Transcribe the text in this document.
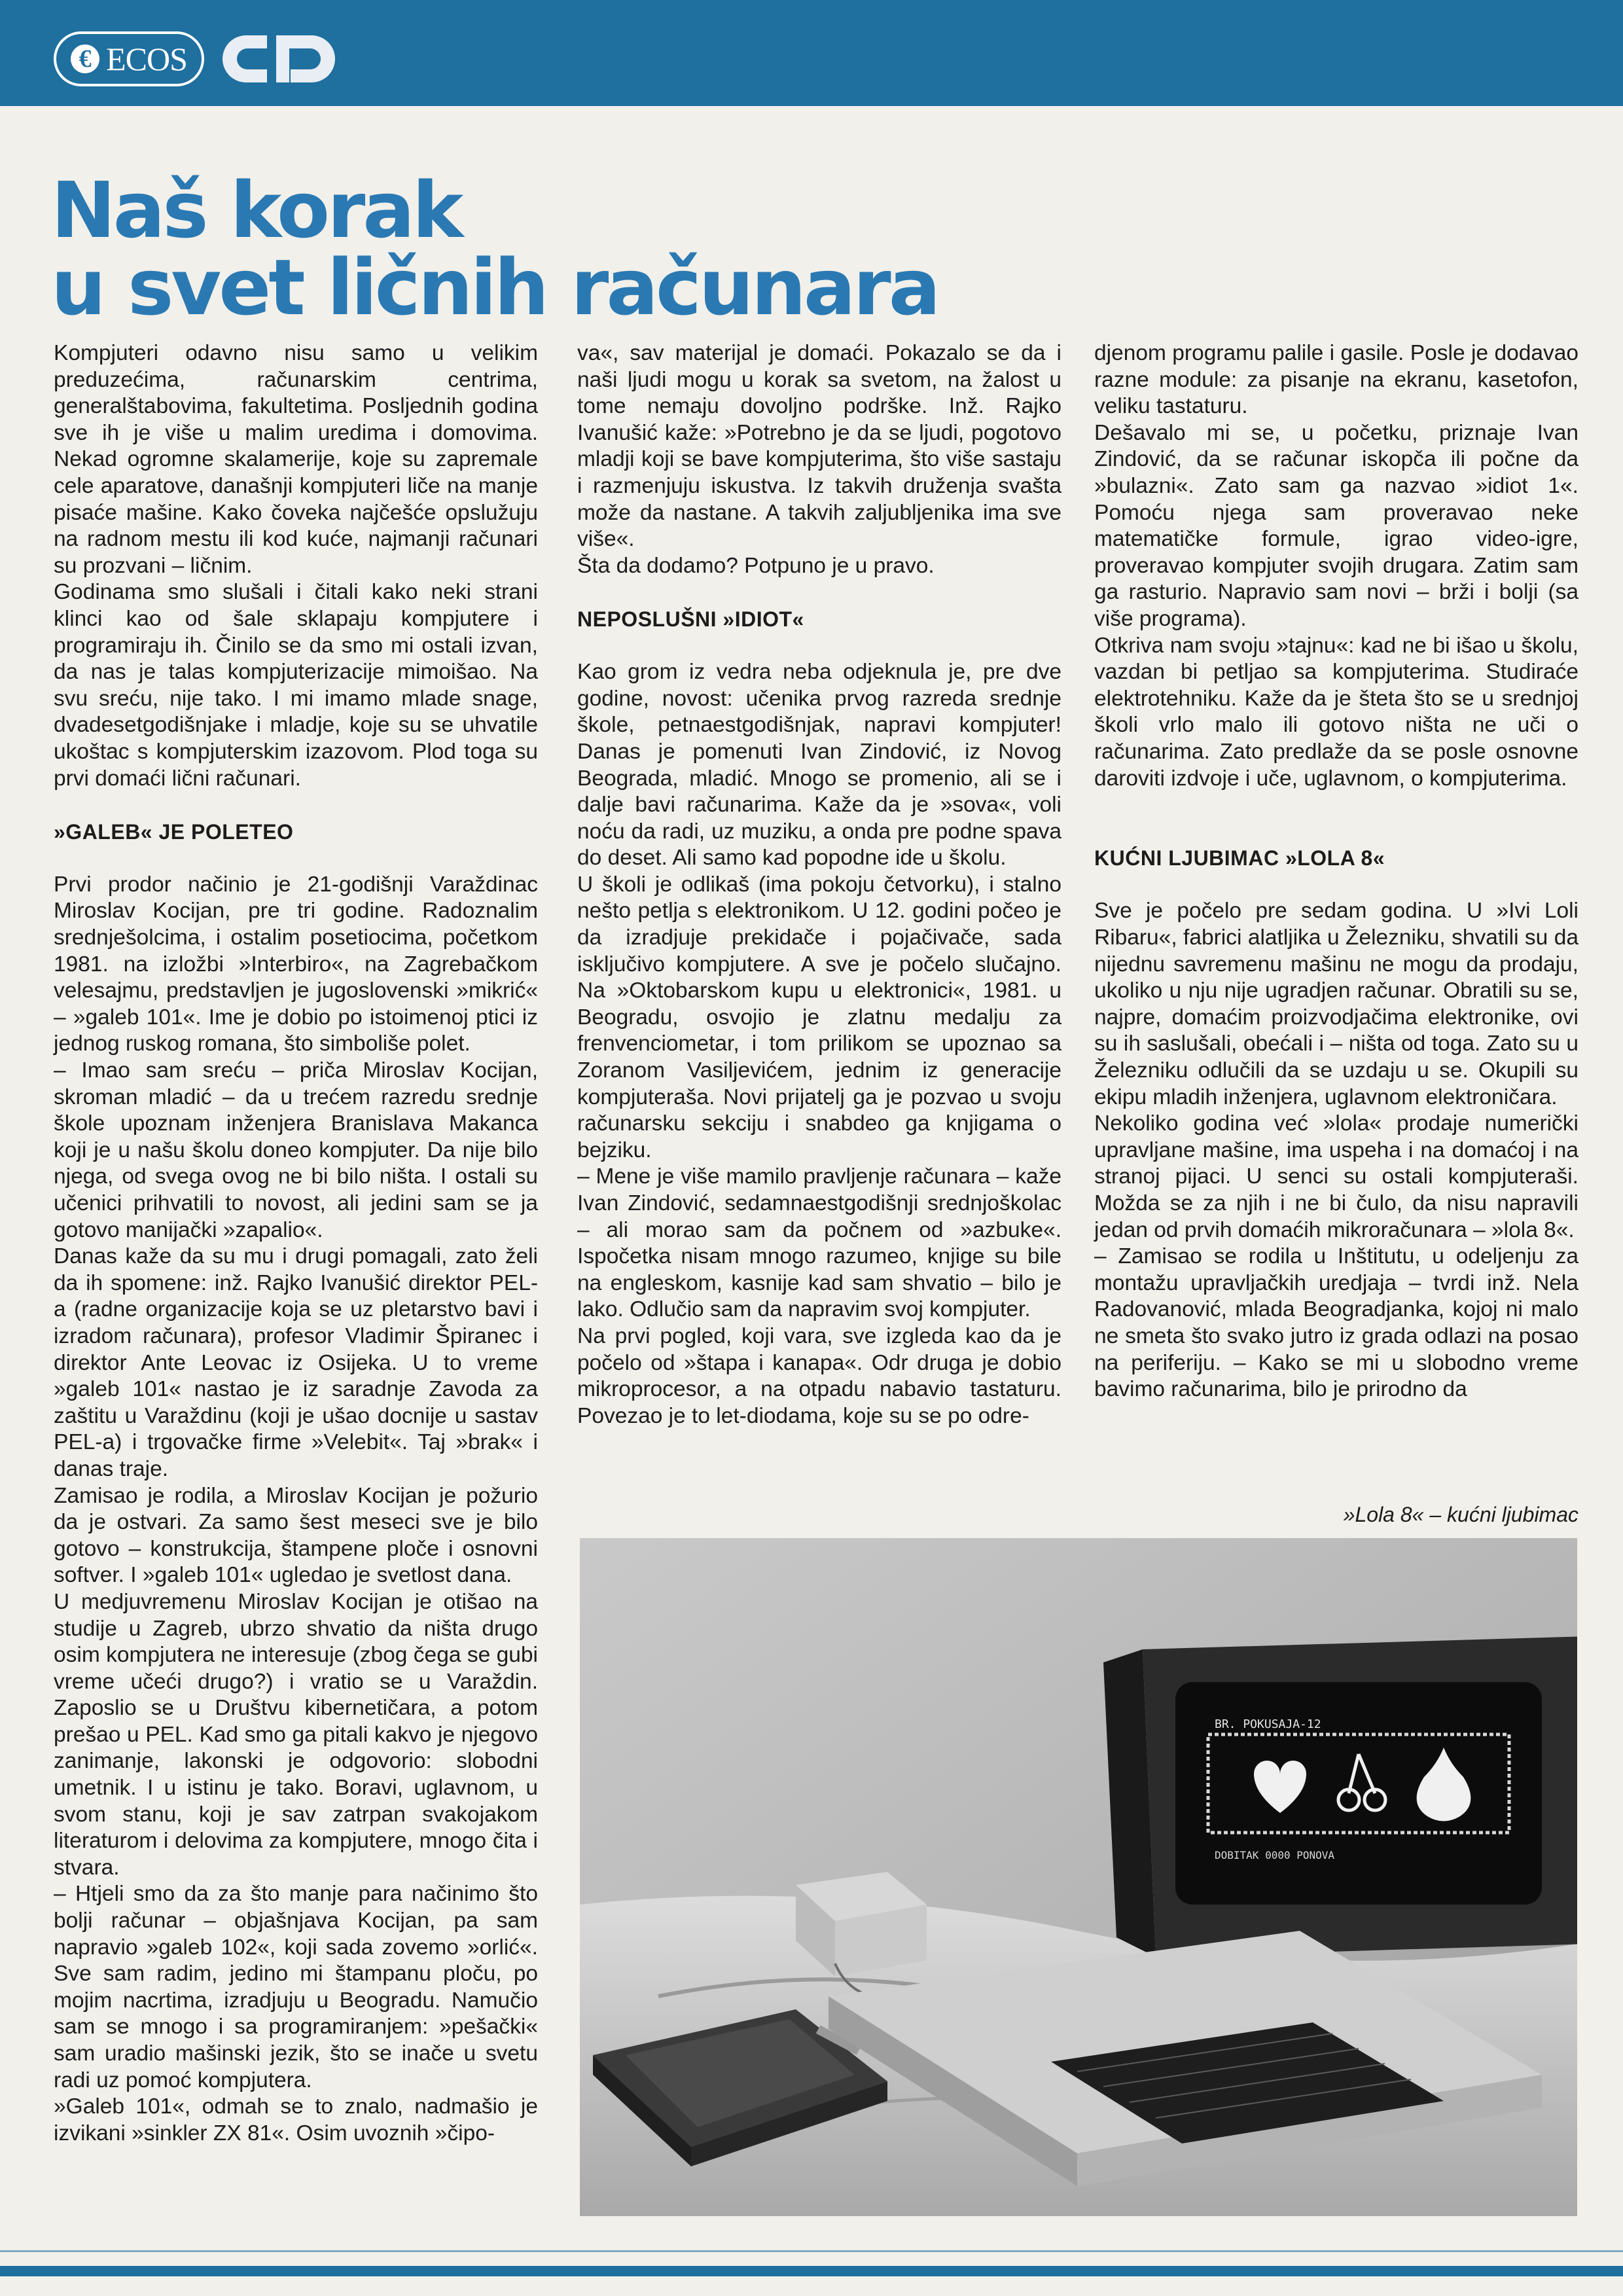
€ ECOS
Naš korak
u svet ličnih računara

Kompjuteri odavno nisu samo u velikim preduzećima, računarskim centrima, generalštabovima, fakultetima. Posljednih godina sve ih je više u malim uredima i domovima. Nekad ogromne skalamerije, koje su zapremale cele aparatove, današnji kompjuteri liče na manje pisaće mašine. Kako čoveka najčešće opslužuju na radnom mestu ili kod kuće, najmanji računari su prozvani – ličnim.

Godinama smo slušali i čitali kako neki strani klinci kao od šale sklapaju kompjutere i programiraju ih. Činilo se da smo mi ostali izvan, da nas je talas kompjuterizacije mimoišao. Na svu sreću, nije tako. I mi imamo mlade snage, dvadesetgodišnjake i mladje, koje su se uhvatile ukoštac s kompjuterskim izazovom. Plod toga su prvi domaći lični računari.

»GALEB« JE POLETEO

Prvi prodor načinio je 21-godišnji Varaždinac Miroslav Kocijan, pre tri godine. Radoznalim srednješolcima, i ostalim posetiocima, početkom 1981. na izložbi »Interbiro«, na Zagrebačkom velesajmu, predstavljen je jugoslovenski »mikrić« – »galeb 101«. Ime je dobio po istoimenoj ptici iz jednog ruskog romana, što simboliše polet.

– Imao sam sreću – priča Miroslav Kocijan, skroman mladić – da u trećem razredu srednje škole upoznam inženjera Branislava Makanca koji je u našu školu doneo kompjuter. Da nije bilo njega, od svega ovog ne bi bilo ništa. I ostali su učenici prihvatili to novost, ali jedini sam se ja gotovo manijački »zapalio«.

Danas kaže da su mu i drugi pomagali, zato želi da ih spomene: inž. Rajko Ivanušić direktor PEL-a (radne organizacije koja se uz pletarstvo bavi i izradom računara), profesor Vladimir Špiranec i direktor Ante Leovac iz Osijeka. U to vreme »galeb 101« nastao je iz saradnje Zavoda za zaštitu u Varaždinu (koji je ušao docnije u sastav PEL-a) i trgovačke firme »Velebit«. Taj »brak« i danas traje.

Zamisao je rodila, a Miroslav Kocijan je požurio da je ostvari. Za samo šest meseci sve je bilo gotovo – konstrukcija, štampene ploče i osnovni softver. I »galeb 101« ugledao je svetlost dana.

U medjuvremenu Miroslav Kocijan je otišao na studije u Zagreb, ubrzo shvatio da ništa drugo osim kompjutera ne interesuje (zbog čega se gubi vreme učeći drugo?) i vratio se u Varaždin. Zaposlio se u Društvu kibernetičara, a potom prešao u PEL. Kad smo ga pitali kakvo je njegovo zanimanje, lakonski je odgovorio: slobodni umetnik. I u istinu je tako. Boravi, uglavnom, u svom stanu, koji je sav zatrpan svakojakom literaturom i delovima za kompjutere, mnogo čita i stvara.

– Htjeli smo da za što manje para načinimo što bolji računar – objašnjava Kocijan, pa sam napravio »galeb 102«, koji sada zovemo »orlić«. Sve sam radim, jedino mi štampanu ploču, po mojim nacrtima, izradjuju u Beogradu. Namučio sam se mnogo i sa programiranjem: »pešački« sam uradio mašinski jezik, što se inače u svetu radi uz pomoć kompjutera.

»Galeb 101«, odmah se to znalo, nadmašio je izvikani »sinkler ZX 81«. Osim uvoznih »čipo-

va«, sav materijal je domaći. Pokazalo se da i naši ljudi mogu u korak sa svetom, na žalost u tome nemaju dovoljno podrške. Inž. Rajko Ivanušić kaže: »Potrebno je da se ljudi, pogotovo mladji koji se bave kompjuterima, što više sastaju i razmenjuju iskustva. Iz takvih druženja svašta može da nastane. A takvih zaljubljenika ima sve više«.

Šta da dodamo? Potpuno je u pravo.

NEPOSLUŠNI »IDIOT«

Kao grom iz vedra neba odjeknula je, pre dve godine, novost: učenika prvog razreda srednje škole, petnaestgodišnjak, napravi kompjuter! Danas je pomenuti Ivan Zindović, iz Novog Beograda, mladić. Mnogo se promenio, ali se i dalje bavi računarima. Kaže da je »sova«, voli noću da radi, uz muziku, a onda pre podne spava do deset. Ali samo kad popodne ide u školu.

U školi je odlikaš (ima pokoju četvorku), i stalno nešto petlja s elektronikom. U 12. godini počeo je da izradjuje prekidače i pojačivače, sada isključivo kompjutere. A sve je počelo slučajno. Na »Oktobarskom kupu u elektronici«, 1981. u Beogradu, osvojio je zlatnu medalju za frenvenciometar, i tom prilikom se upoznao sa Zoranom Vasiljevićem, jednim iz generacije kompjuteraša. Novi prijatelj ga je pozvao u svoju računarsku sekciju i snabdeo ga knjigama o bejziku.

– Mene je više mamilo pravljenje računara – kaže Ivan Zindović, sedamnaestgodišnji srednjoškolac – ali morao sam da počnem od »azbuke«. Ispočetka nisam mnogo razumeo, knjige su bile na engleskom, kasnije kad sam shvatio – bilo je lako. Odlučio sam da napravim svoj kompjuter.

Na prvi pogled, koji vara, sve izgleda kao da je počelo od »štapa i kanapa«. Odr druga je dobio mikroprocesor, a na otpadu nabavio tastaturu. Povezao je to let-diodama, koje su se po odre-

djenom programu palile i gasile. Posle je dodavao razne module: za pisanje na ekranu, kasetofon, veliku tastaturu.

Dešavalo mi se, u početku, priznaje Ivan Zindović, da se računar iskopča ili počne da »bulazni«. Zato sam ga nazvao »idiot 1«. Pomoću njega sam proveravao neke matematičke formule, igrao video-igre, proveravao kompjuter svojih drugara. Zatim sam ga rasturio. Napravio sam novi – brži i bolji (sa više programa).

Otkriva nam svoju »tajnu«: kad ne bi išao u školu, vazdan bi petljao sa kompjuterima. Studiraće elektrotehniku. Kaže da je šteta što se u srednjoj školi vrlo malo ili gotovo ništa ne uči o računarima. Zato predlaže da se posle osnovne daroviti izdvoje i uče, uglavnom, o kompjuterima.

KUĆNI LJUBIMAC »LOLA 8«

Sve je počelo pre sedam godina. U »Ivi Loli Ribaru«, fabrici alatljika u Železniku, shvatili su da nijednu savremenu mašinu ne mogu da prodaju, ukoliko u nju nije ugradjen računar. Obratili su se, najpre, domaćim proizvodjačima elektronike, ovi su ih saslušali, obećali i – ništa od toga. Zato su u Železniku odlučili da se uzdaju u se. Okupili su ekipu mladih inženjera, uglavnom elektroničara.

Nekoliko godina već »lola« prodaje numerički upravljane mašine, ima uspeha i na domaćoj i na stranoj pijaci. U senci su ostali kompjuteraši. Možda se za njih i ne bi čulo, da nisu napravili jedan od prvih domaćih mikroračunara – »lola 8«.

– Zamisao se rodila u Inštitutu, u odeljenju za montažu upravljačkih uredjaja – tvrdi inž. Nela Radovanović, mlada Beogradjanka, kojoj ni malo ne smeta što svako jutro iz grada odlazi na posao na periferiju. – Kako se mi u slobodno vreme bavimo računarima, bilo je prirodno da

»Lola 8« – kućni ljubimac
BR. POKUSAJA-12
DOBITAK 0000 PONOVA
